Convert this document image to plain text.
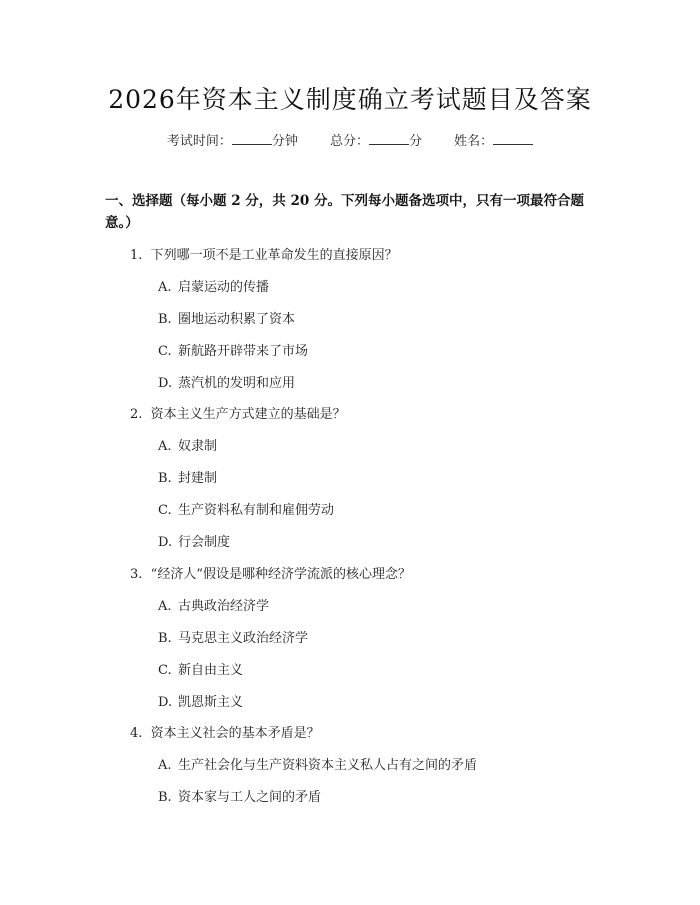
2026年资本主义制度确立考试题目及答案
考试时间：	分钟 总分：	分 姓名：
一、选择题（每小题 2 分，共 20 分。下列每小题备选项中，只有一项最符合题意。）
1. 下列哪一项不是工业革命发生的直接原因？
A. 启蒙运动的传播
B. 圈地运动积累了资本
C. 新航路开辟带来了市场
D. 蒸汽机的发明和应用
2. 资本主义生产方式建立的基础是？
A. 奴隶制
B. 封建制
C. 生产资料私有制和雇佣劳动
D. 行会制度
3. “经济人”假设是哪种经济学流派的核心理念？
A. 古典政治经济学
B. 马克思主义政治经济学
C. 新自由主义
D. 凯恩斯主义
4. 资本主义社会的基本矛盾是？
A. 生产社会化与生产资料资本主义私人占有之间的矛盾
B. 资本家与工人之间的矛盾
